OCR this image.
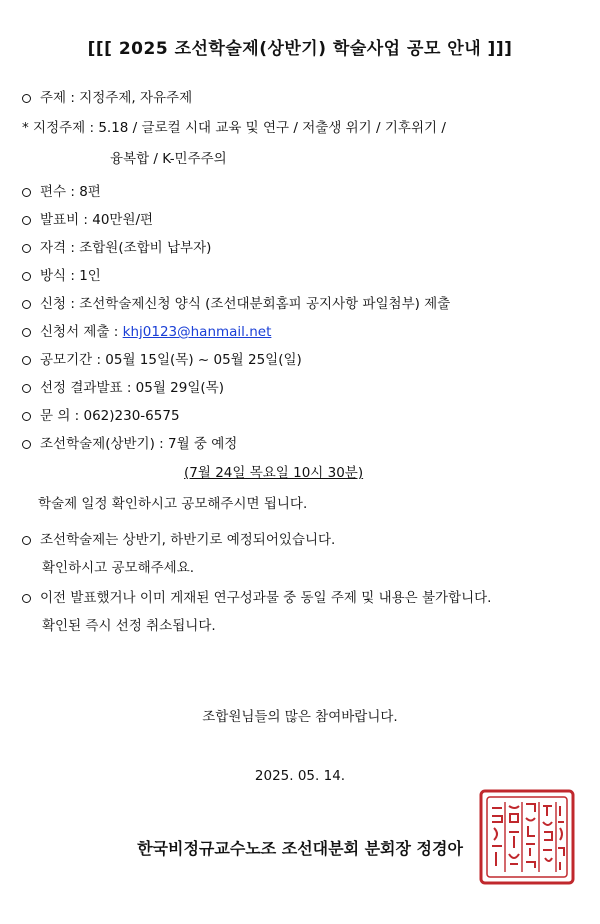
[[[ 2025 조선학술제(상반기) 학술사업 공모 안내 ]]]
주제 : 지정주제, 자유주제
* 지정주제 : 5.18 / 글로컬 시대 교육 및 연구 / 저출생 위기 / 기후위기 /
융복합 / K-민주주의
편수 : 8편
발표비 : 40만원/편
자격 : 조합원(조합비 납부자)
방식 : 1인
신청 : 조선학술제신청 양식 (조선대분회홈피 공지사항 파일첨부) 제출
신청서 제출 : khj0123@hanmail.net
공모기간 : 05월 15일(목) ~ 05월 25일(일)
선정 결과발표 : 05월 29일(목)
문 의 : 062)230-6575
조선학술제(상반기) : 7월 중 예정
(7월 24일 목요일 10시 30분)
학술제 일정 확인하시고 공모해주시면 됩니다.
조선학술제는 상반기, 하반기로 예정되어있습니다.
확인하시고 공모해주세요.
이전 발표했거나 이미 게재된 연구성과물 중 동일 주제 및 내용은 불가합니다.
확인된 즉시 선정 취소됩니다.
조합원님들의 많은 참여바랍니다.
2025. 05. 14.
한국비정규교수노조 조선대분회 분회장 정경아
